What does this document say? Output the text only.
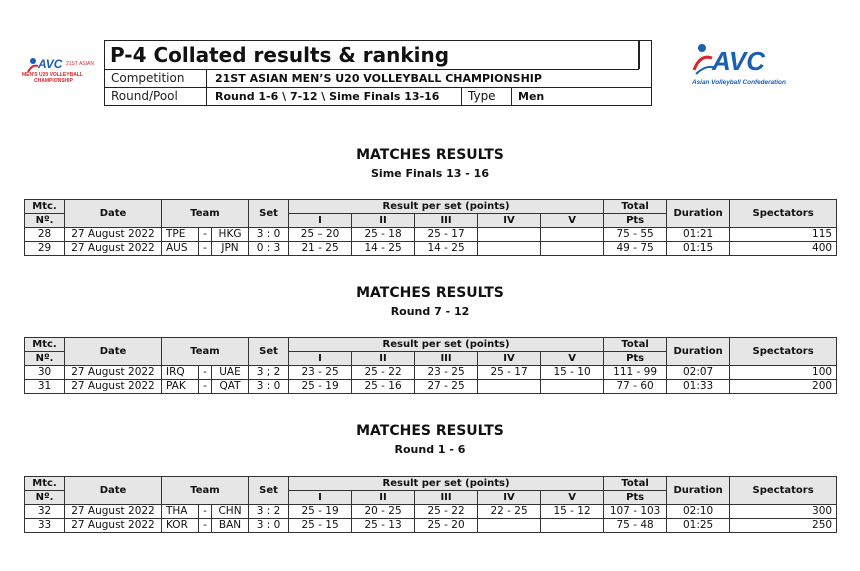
AVC 21ST ASIAN
MEN'S U20 VOLLEYBALL
CHAMPIONSHIP
P-4 Collated results & ranking
Competition	21ST ASIAN MEN’S U20 VOLLEYBALL CHAMPIONSHIP
Round/Pool	Round 1-6 \ 7-12 \ Sime Finals 13-16	Type	Men
AVC
Asian Volleyball Confederation
MATCHES RESULTS
Sime Finals 13 - 16
Mtc.	Date	Team			Set	Result per set (points)					Total	Duration	Spectators
Nº.						I	II	III	IV	V	Pts		
28	27 August 2022	TPE	-	HKG	3 : 0	25 – 20	25 - 18	25 - 17			75 - 55	01:21	115
29	27 August 2022	AUS	-	JPN	0 : 3	21 - 25	14 - 25	14 - 25			49 - 75	01:15	400
MATCHES RESULTS
Round 7 - 12
Mtc.	Date	Team			Set	Result per set (points)					Total	Duration	Spectators
Nº.						I	II	III	IV	V	Pts		
30	27 August 2022	IRQ	-	UAE	3 ; 2	23 - 25	25 - 22	23 - 25	25 - 17	15 - 10	111 - 99	02:07	100
31	27 August 2022	PAK	-	QAT	3 : 0	25 - 19	25 - 16	27 - 25			77 - 60	01:33	200
MATCHES RESULTS
Round 1 - 6
Mtc.	Date	Team			Set	Result per set (points)					Total	Duration	Spectators
Nº.						I	II	III	IV	V	Pts		
32	27 August 2022	THA	-	CHN	3 : 2	25 - 19	20 - 25	25 - 22	22 - 25	15 - 12	107 - 103	02:10	300
33	27 August 2022	KOR	-	BAN	3 : 0	25 - 15	25 - 13	25 - 20			75 - 48	01:25	250
